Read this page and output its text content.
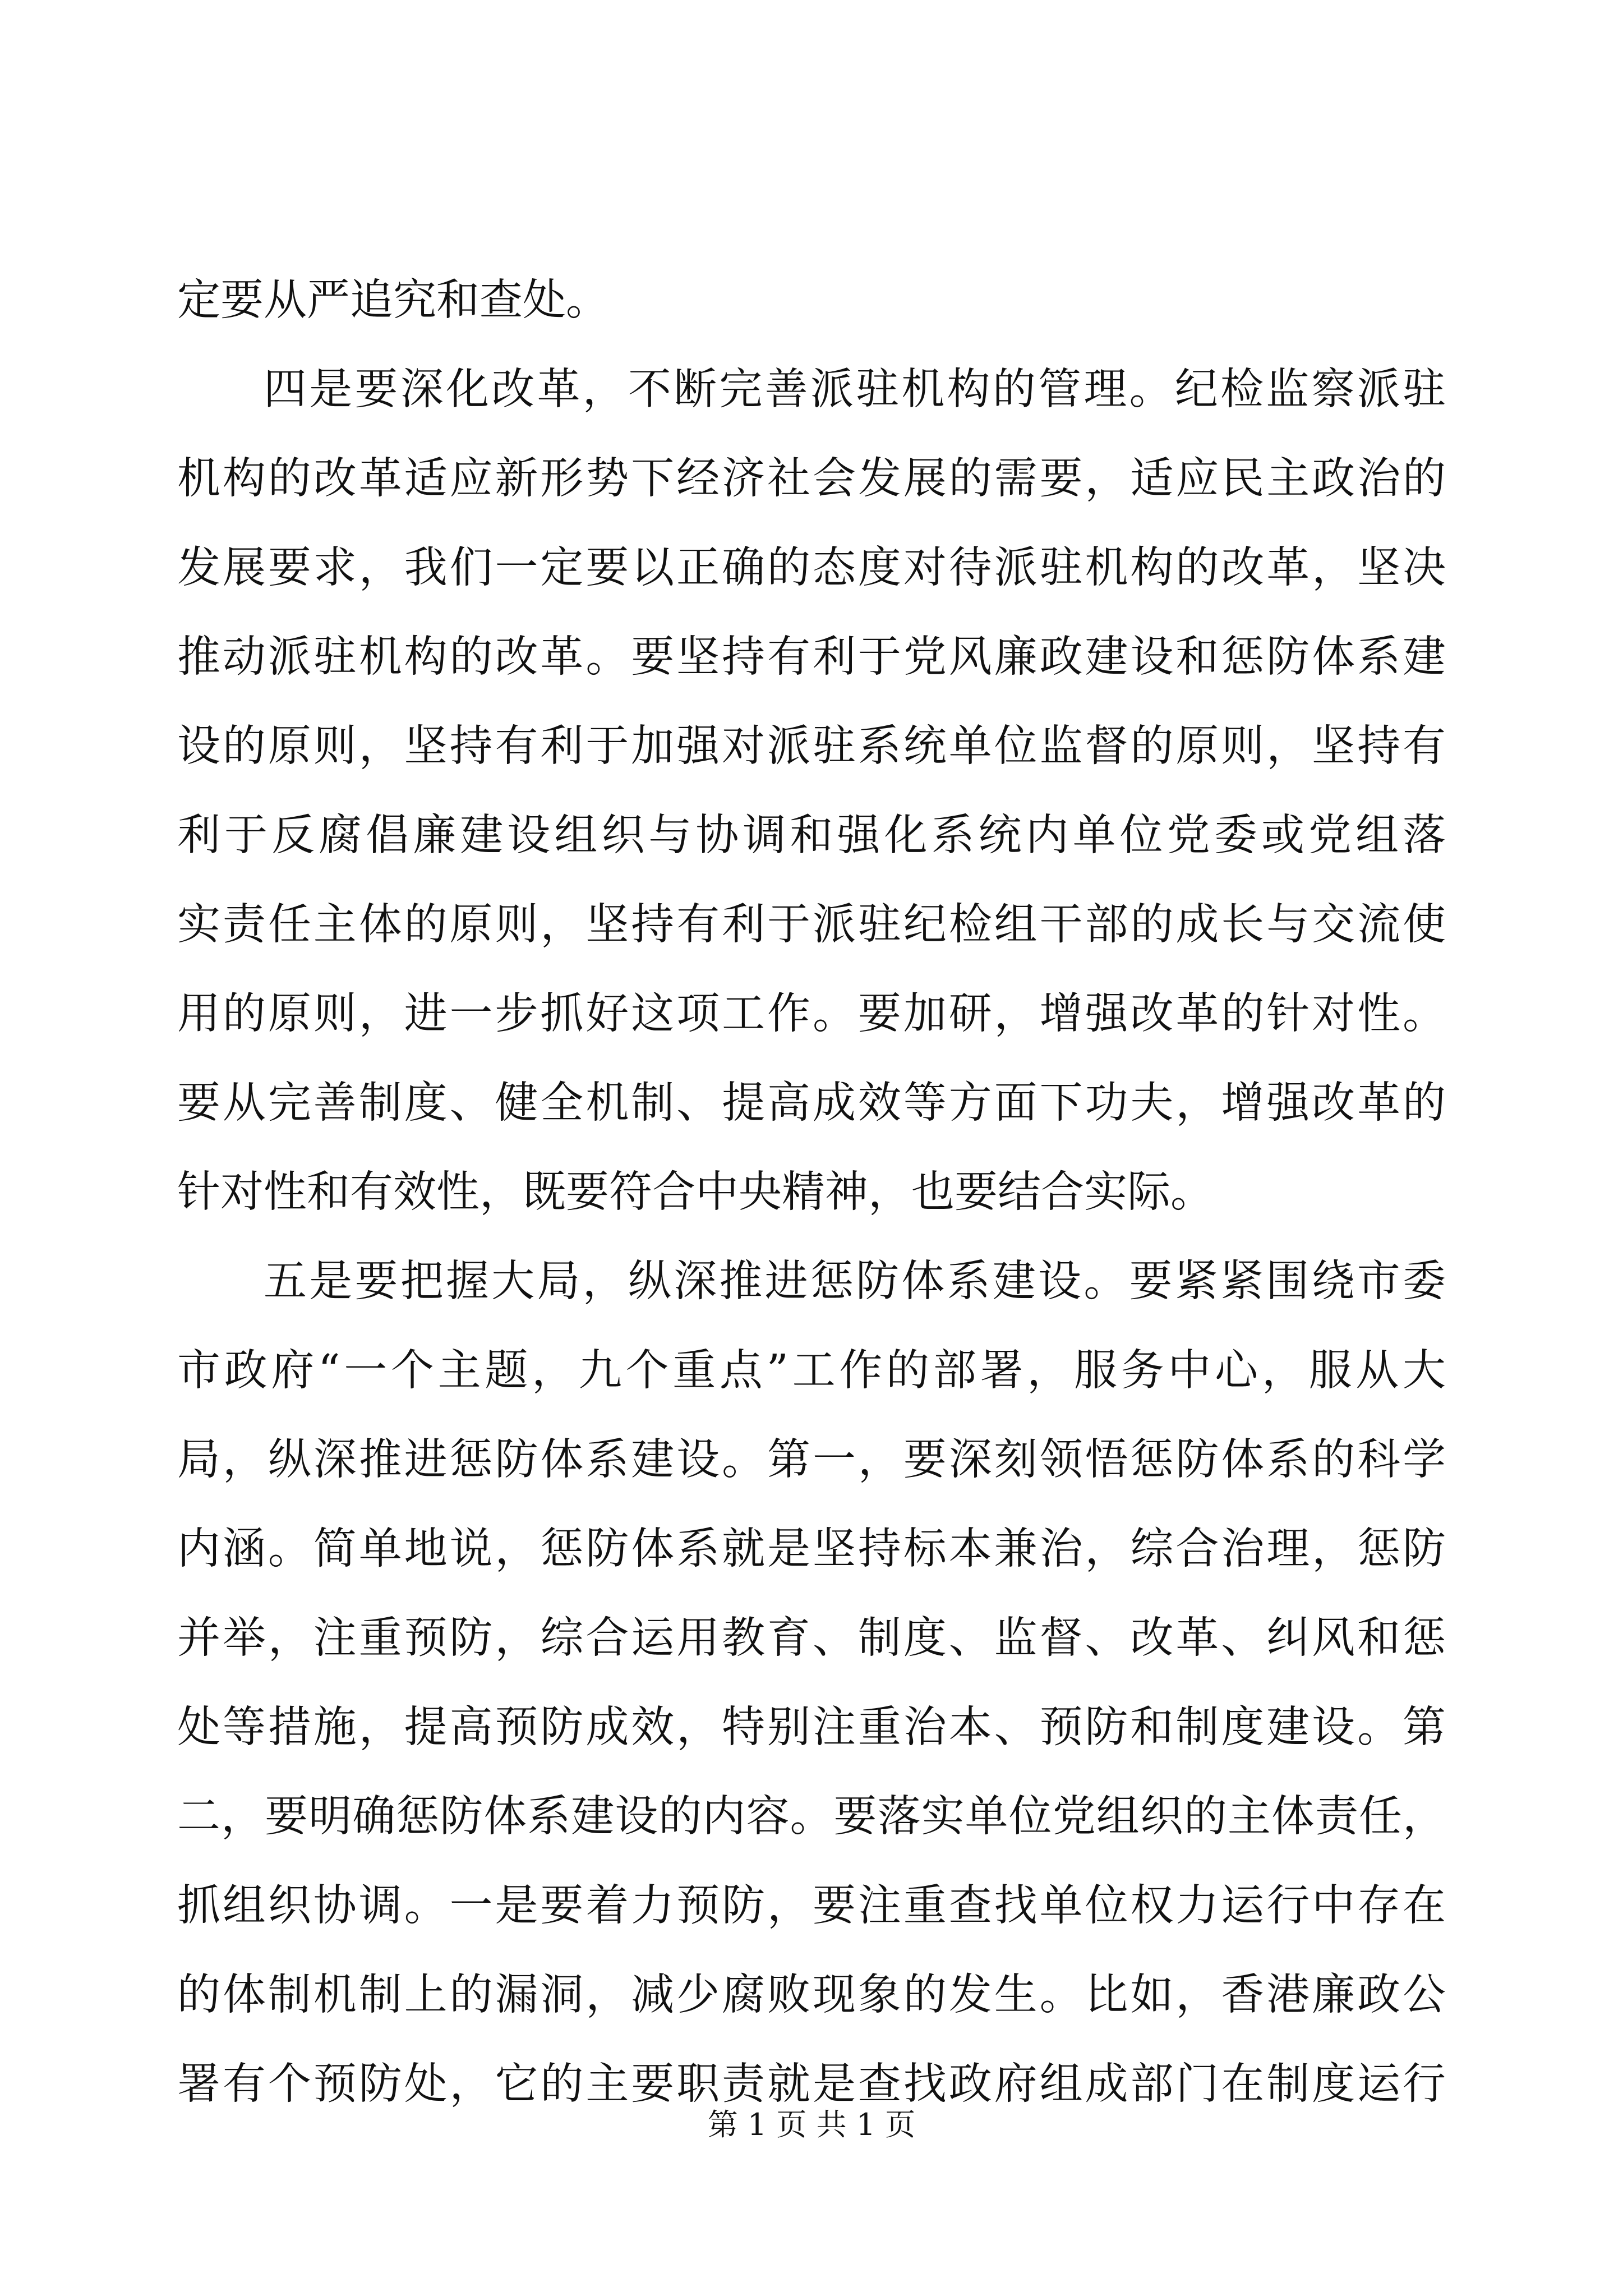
定要从严追究和查处。
四是要深化改革，不断完善派驻机构的管理。纪检监察派驻
机构的改革适应新形势下经济社会发展的需要，适应民主政治的
发展要求，我们一定要以正确的态度对待派驻机构的改革，坚决
推动派驻机构的改革。要坚持有利于党风廉政建设和惩防体系建
设的原则，坚持有利于加强对派驻系统单位监督的原则，坚持有
利于反腐倡廉建设组织与协调和强化系统内单位党委或党组落
实责任主体的原则，坚持有利于派驻纪检组干部的成长与交流使
用的原则，进一步抓好这项工作。要加研，增强改革的针对性。
要从完善制度、健全机制、提高成效等方面下功夫，增强改革的
针对性和有效性，既要符合中央精神，也要结合实际。
五是要把握大局，纵深推进惩防体系建设。要紧紧围绕市委
市政府“一个主题，九个重点”工作的部署，服务中心，服从大
局，纵深推进惩防体系建设。第一，要深刻领悟惩防体系的科学
内涵。简单地说，惩防体系就是坚持标本兼治，综合治理，惩防
并举，注重预防，综合运用教育、制度、监督、改革、纠风和惩
处等措施，提高预防成效，特别注重治本、预防和制度建设。第
二，要明确惩防体系建设的内容。要落实单位党组织的主体责任，
抓组织协调。一是要着力预防，要注重查找单位权力运行中存在
的体制机制上的漏洞，减少腐败现象的发生。比如，香港廉政公
署有个预防处，它的主要职责就是查找政府组成部门在制度运行
第 1 页 共 1 页
